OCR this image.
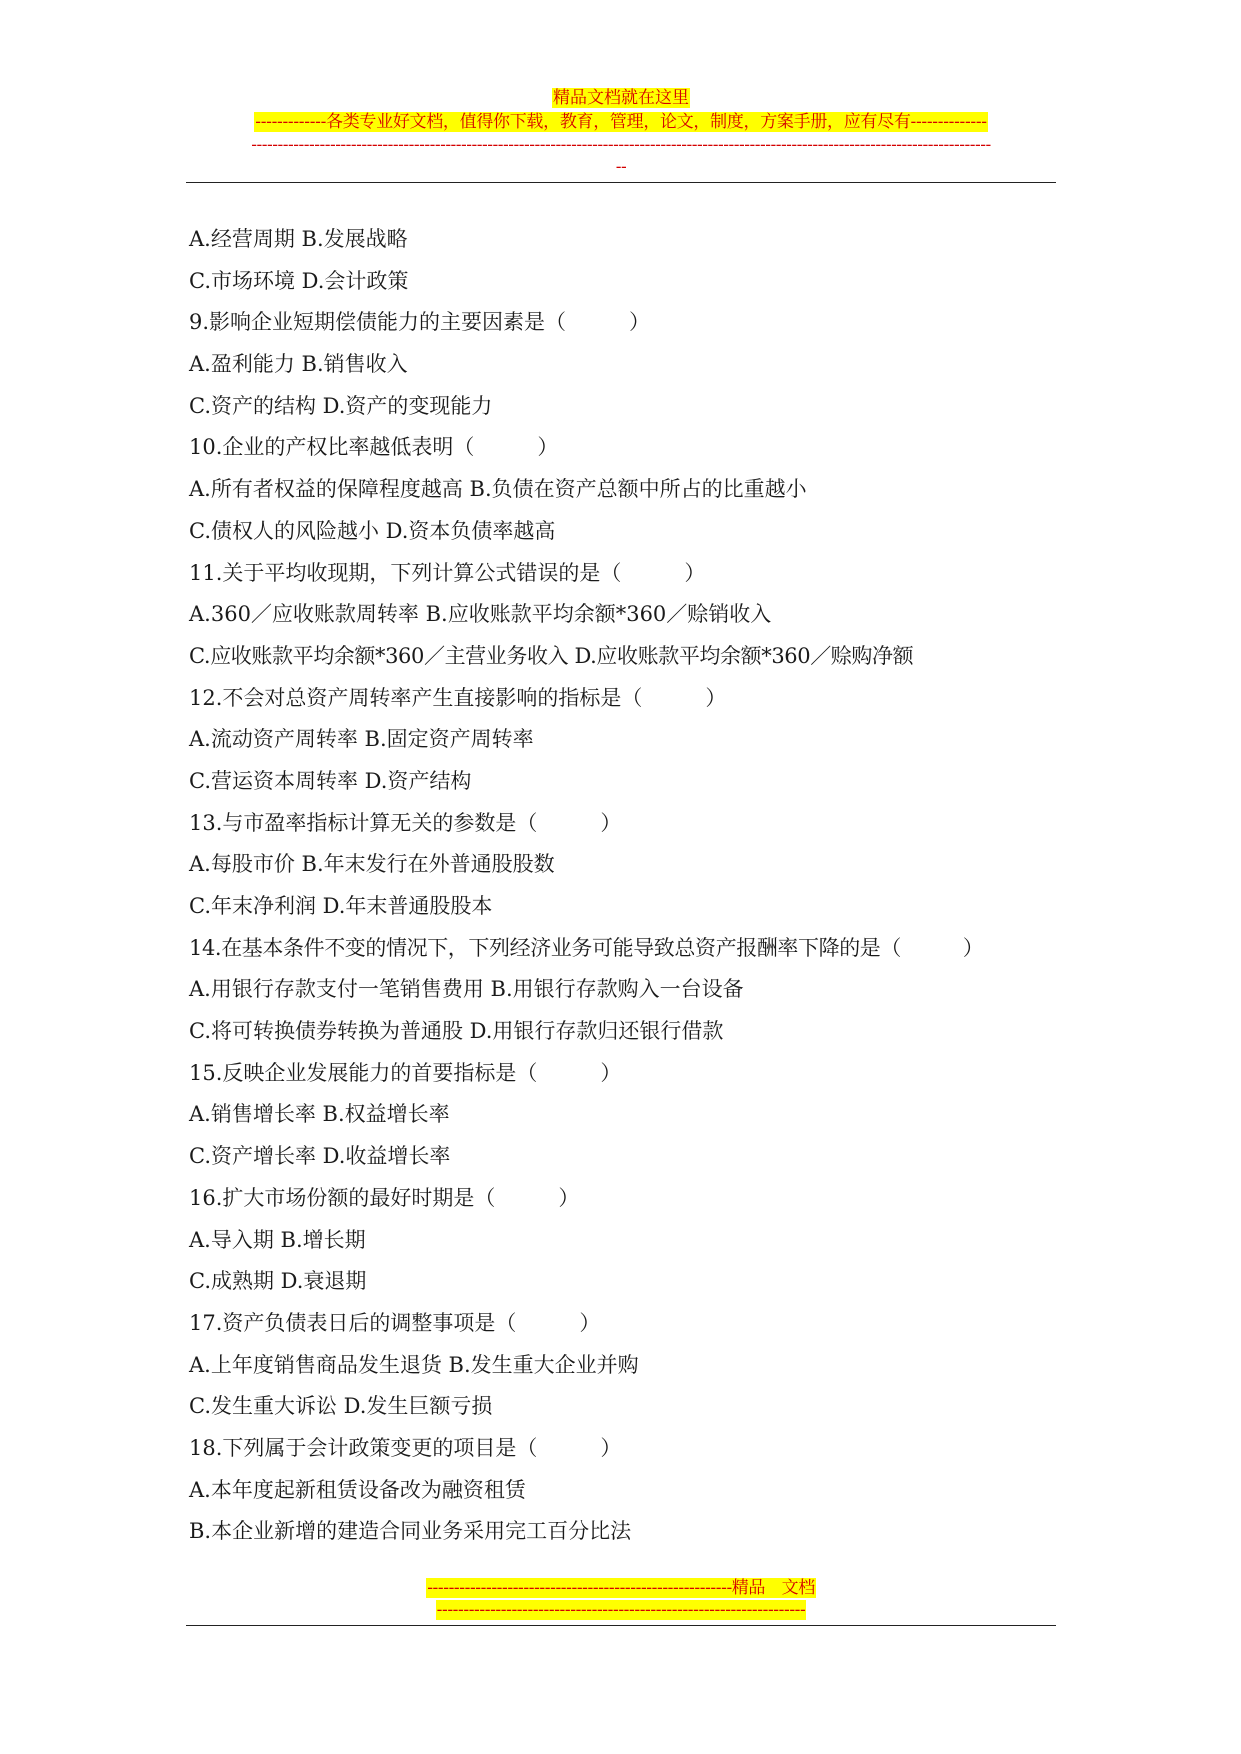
精品文档就在这里
-------------各类专业好文档，值得你下载，教育，管理，论文，制度，方案手册，应有尽有--------------
---------------------------------------------------------------------------------------------------------------------------------------------
--
A.经营周期 B.发展战略
C.市场环境 D.会计政策
9.影响企业短期偿债能力的主要因素是（　　　）
A.盈利能力 B.销售收入
C.资产的结构 D.资产的变现能力
10.企业的产权比率越低表明（　　　）
A.所有者权益的保障程度越高 B.负债在资产总额中所占的比重越小
C.债权人的风险越小 D.资本负债率越高
11.关于平均收现期，下列计算公式错误的是（　　　）
A.360／应收账款周转率 B.应收账款平均余额*360／赊销收入
C.应收账款平均余额*360／主营业务收入 D.应收账款平均余额*360／赊购净额
12.不会对总资产周转率产生直接影响的指标是（　　　）
A.流动资产周转率 B.固定资产周转率
C.营运资本周转率 D.资产结构
13.与市盈率指标计算无关的参数是（　　　）
A.每股市价 B.年末发行在外普通股股数
C.年末净利润 D.年末普通股股本
14.在基本条件不变的情况下，下列经济业务可能导致总资产报酬率下降的是（　　　）
A.用银行存款支付一笔销售费用 B.用银行存款购入一台设备
C.将可转换债券转换为普通股 D.用银行存款归还银行借款
15.反映企业发展能力的首要指标是（　　　）
A.销售增长率 B.权益增长率
C.资产增长率 D.收益增长率
16.扩大市场份额的最好时期是（　　　）
A.导入期 B.增长期
C.成熟期 D.衰退期
17.资产负债表日后的调整事项是（　　　）
A.上年度销售商品发生退货 B.发生重大企业并购
C.发生重大诉讼 D.发生巨额亏损
18.下列属于会计政策变更的项目是（　　　）
A.本年度起新租赁设备改为融资租赁
B.本企业新增的建造合同业务采用完工百分比法
---------------------------------------------------------精品　文档
---------------------------------------------------------------------
